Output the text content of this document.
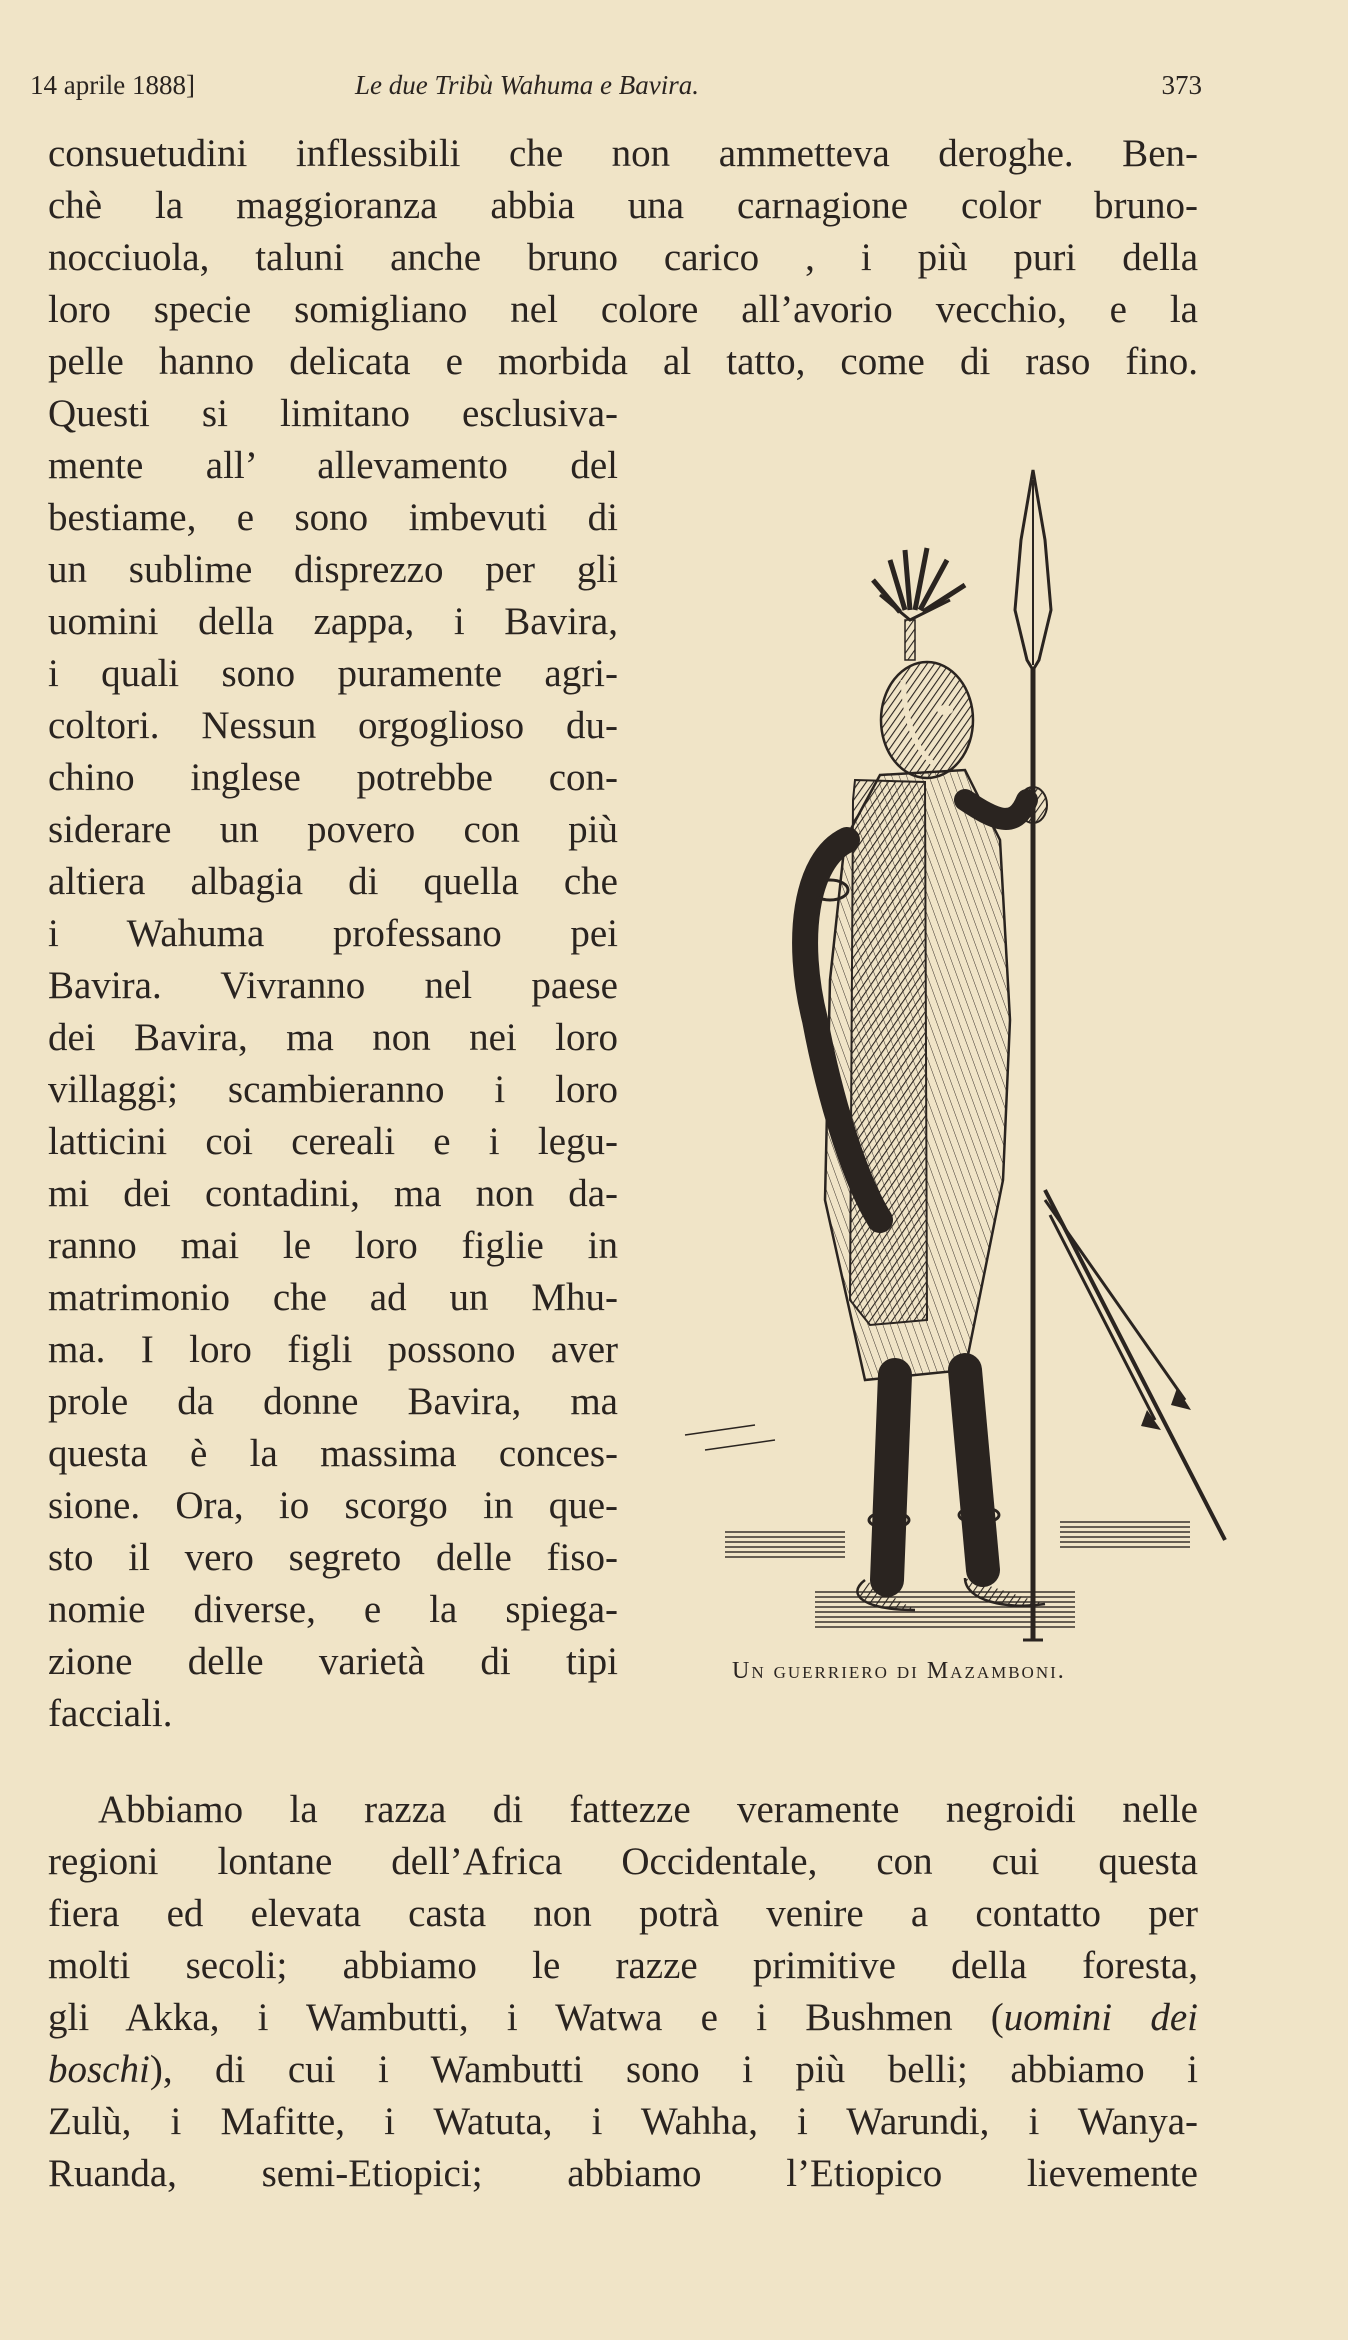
14 aprile 1888]	Le due Tribù Wahuma e Bavira.	373
consuetudini inflessibili che non ammetteva deroghe. Ben-
chè la maggioranza abbia una carnagione color bruno-
nocciuola, taluni anche bruno carico , i più puri della
loro specie somigliano nel colore all’avorio vecchio, e la
pelle hanno delicata e morbida al tatto, come di raso fino.
Questi si limitano esclusiva-
mente all’ allevamento del
bestiame, e sono imbevuti di
un sublime disprezzo per gli
uomini della zappa, i Bavira,
i quali sono puramente agri-
coltori. Nessun orgoglioso du-
chino inglese potrebbe con-
siderare un povero con più
altiera albagia di quella che
i Wahuma professano pei
Bavira. Vivranno nel paese
dei Bavira, ma non nei loro
villaggi; scambieranno i loro
latticini coi cereali e i legu-
mi dei contadini, ma non da-
ranno mai le loro figlie in
matrimonio che ad un Mhu-
ma. I loro figli possono aver
prole da donne Bavira, ma
questa è la massima conces-
sione. Ora, io scorgo in que-
sto il vero segreto delle fiso-
nomie diverse, e la spiega-
zione delle varietà di tipi
facciali.
Abbiamo la razza di fattezze veramente negroidi nelle
regioni lontane dell’Africa Occidentale, con cui questa
fiera ed elevata casta non potrà venire a contatto per
molti secoli; abbiamo le razze primitive della foresta,
gli Akka, i Wambutti, i Watwa e i Bushmen (uomini dei
boschi), di cui i Wambutti sono i più belli; abbiamo i
Zulù, i Mafitte, i Watuta, i Wahha, i Warundi, i Wanya-
Ruanda, semi-Etiopici; abbiamo l’Etiopico lievemente
Un guerriero di Mazamboni.
